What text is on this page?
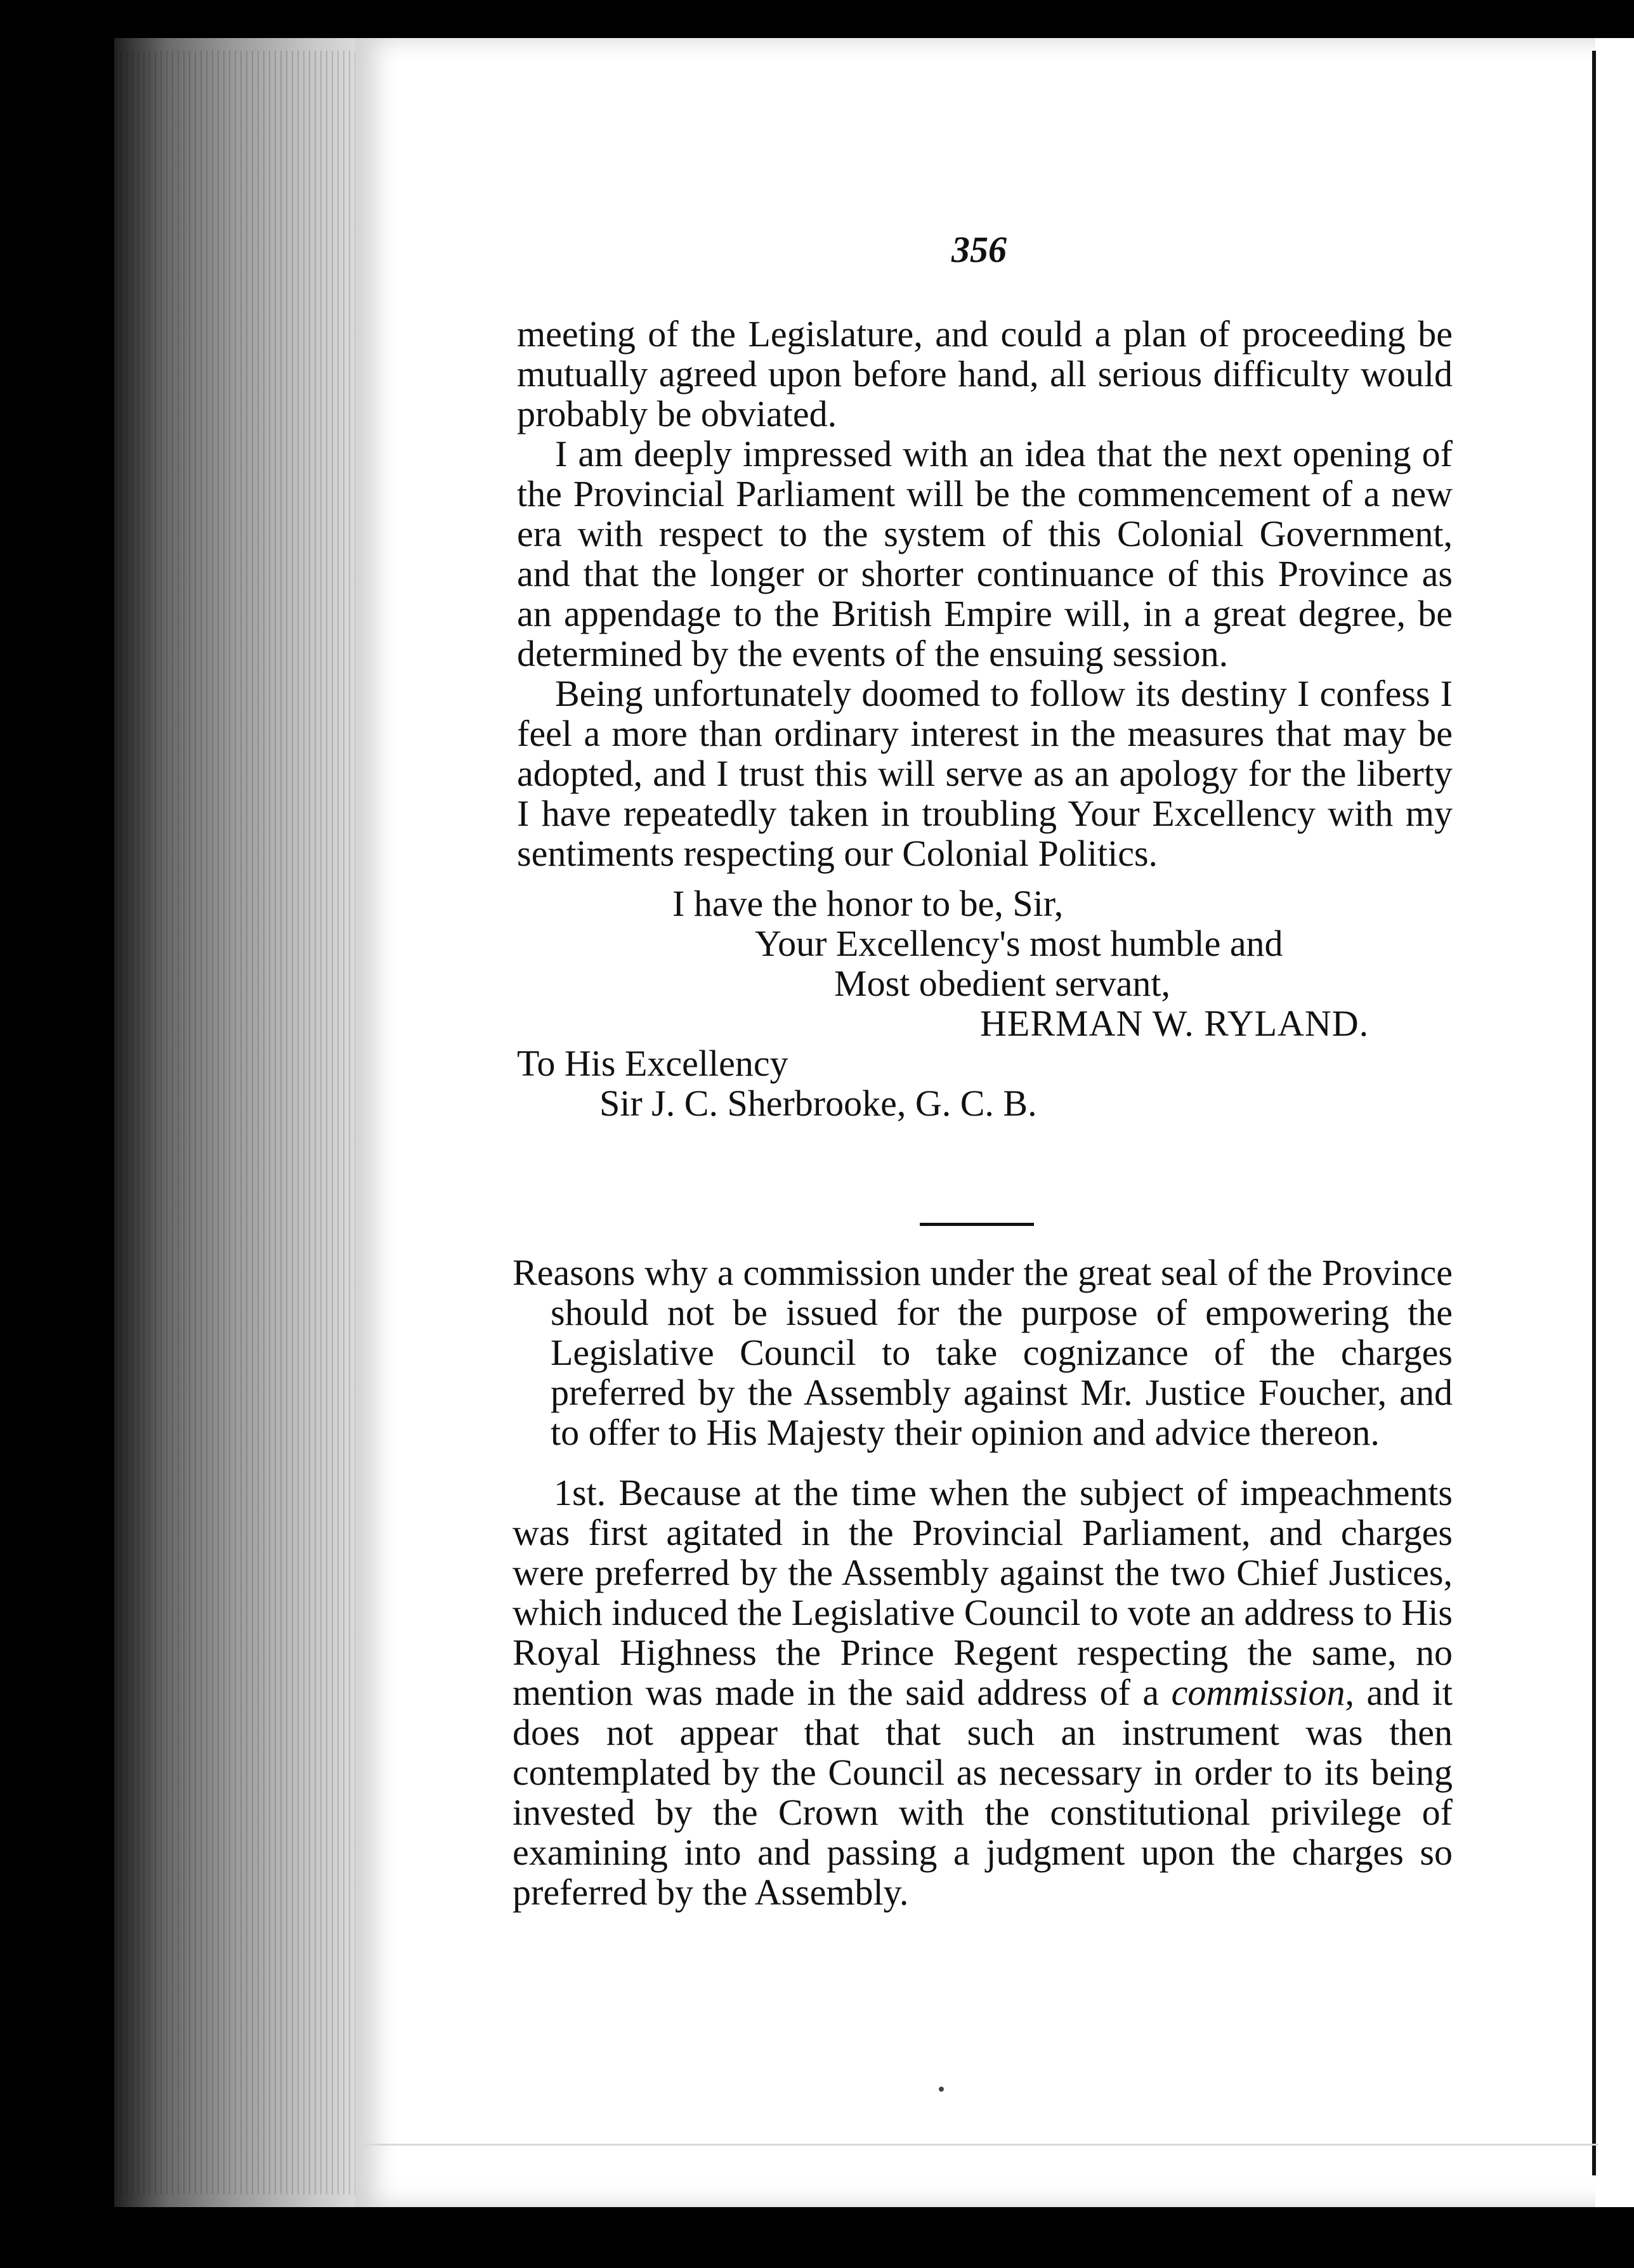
356

meeting of the Legislature, and could a plan of proceeding be mutually agreed upon before hand, all serious difficulty would probably be obviated.

I am deeply impressed with an idea that the next opening of the Provincial Parliament will be the commencement of a new era with respect to the system of this Colonial Government, and that the longer or shorter continuance of this Province as an appendage to the British Empire will, in a great degree, be determined by the events of the ensuing session.

Being unfortunately doomed to follow its destiny I confess I feel a more than ordinary interest in the measures that may be adopted, and I trust this will serve as an apology for the liberty I have repeatedly taken in troubling Your Excellency with my sentiments respecting our Colonial Politics.

I have the honor to be, Sir,

Your Excellency's most humble and

Most obedient servant,

HERMAN W. RYLAND.

To His Excellency

Sir J. C. Sherbrooke, G. C. B.

Reasons why a commission under the great seal of the Province should not be issued for the purpose of empowering the Legislative Council to take cognizance of the charges preferred by the Assembly against Mr. Justice Foucher, and to offer to His Majesty their opinion and advice thereon.

1st. Because at the time when the subject of impeachments was first agitated in the Provincial Parliament, and charges were preferred by the Assembly against the two Chief Justices, which induced the Legislative Council to vote an address to His Royal Highness the Prince Regent respecting the same, no mention was made in the said address of a commission, and it does not appear that that such an instrument was then contemplated by the Council as necessary in order to its being invested by the Crown with the constitutional privilege of examining into and passing a judgment upon the charges so preferred by the Assembly.
